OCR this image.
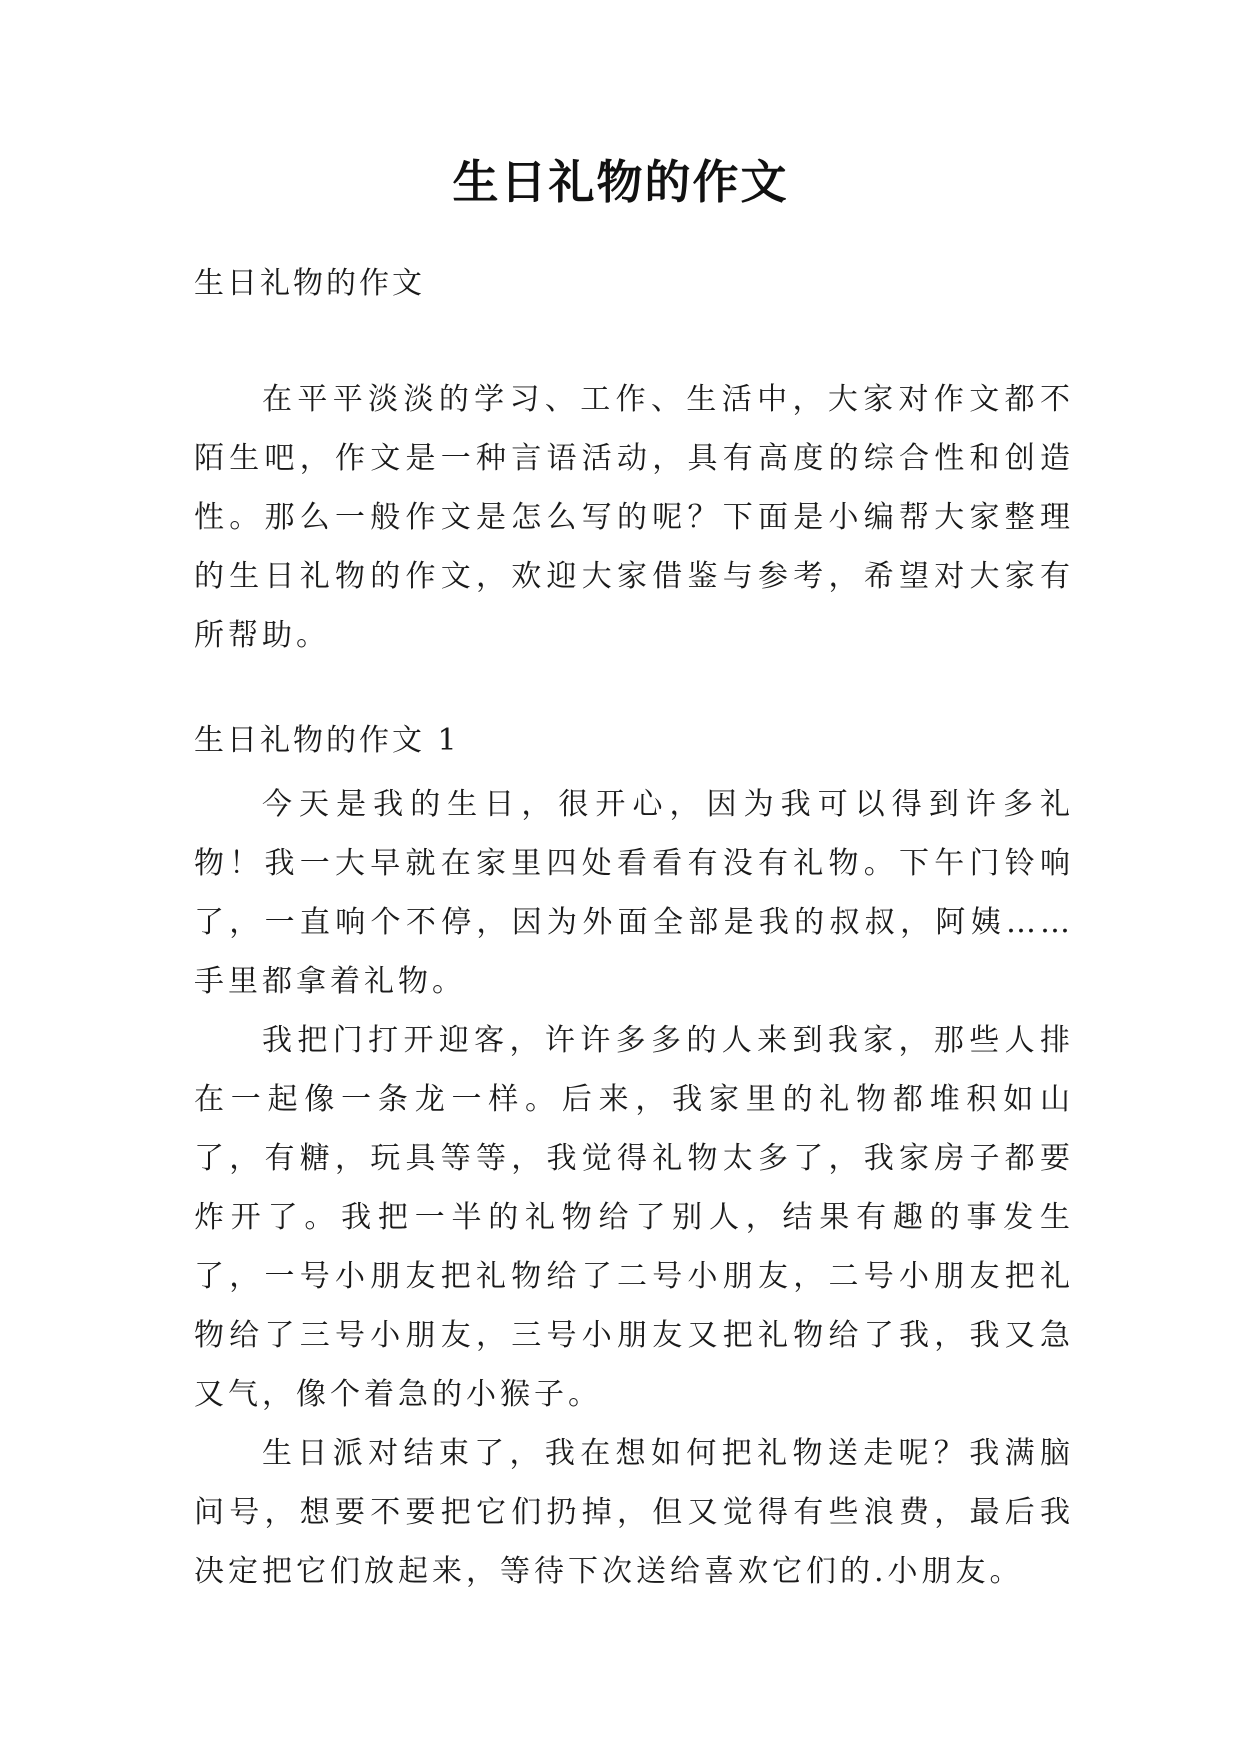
生日礼物的作文

生日礼物的作文

在平平淡淡的学习、工作、生活中，大家对作文都不陌生吧，作文是一种言语活动，具有高度的综合性和创造性。那么一般作文是怎么写的呢？下面是小编帮大家整理的生日礼物的作文，欢迎大家借鉴与参考，希望对大家有所帮助。

生日礼物的作文 1

今天是我的生日，很开心，因为我可以得到许多礼物！我一大早就在家里四处看看有没有礼物。下午门铃响了，一直响个不停，因为外面全部是我的叔叔，阿姨……手里都拿着礼物。

我把门打开迎客，许许多多的人来到我家，那些人排在一起像一条龙一样。后来，我家里的礼物都堆积如山了，有糖，玩具等等，我觉得礼物太多了，我家房子都要炸开了。我把一半的礼物给了别人，结果有趣的事发生了，一号小朋友把礼物给了二号小朋友，二号小朋友把礼物给了三号小朋友，三号小朋友又把礼物给了我，我又急又气，像个着急的小猴子。

生日派对结束了，我在想如何把礼物送走呢？我满脑问号，想要不要把它们扔掉，但又觉得有些浪费，最后我决定把它们放起来，等待下次送给喜欢它们的.小朋友。
